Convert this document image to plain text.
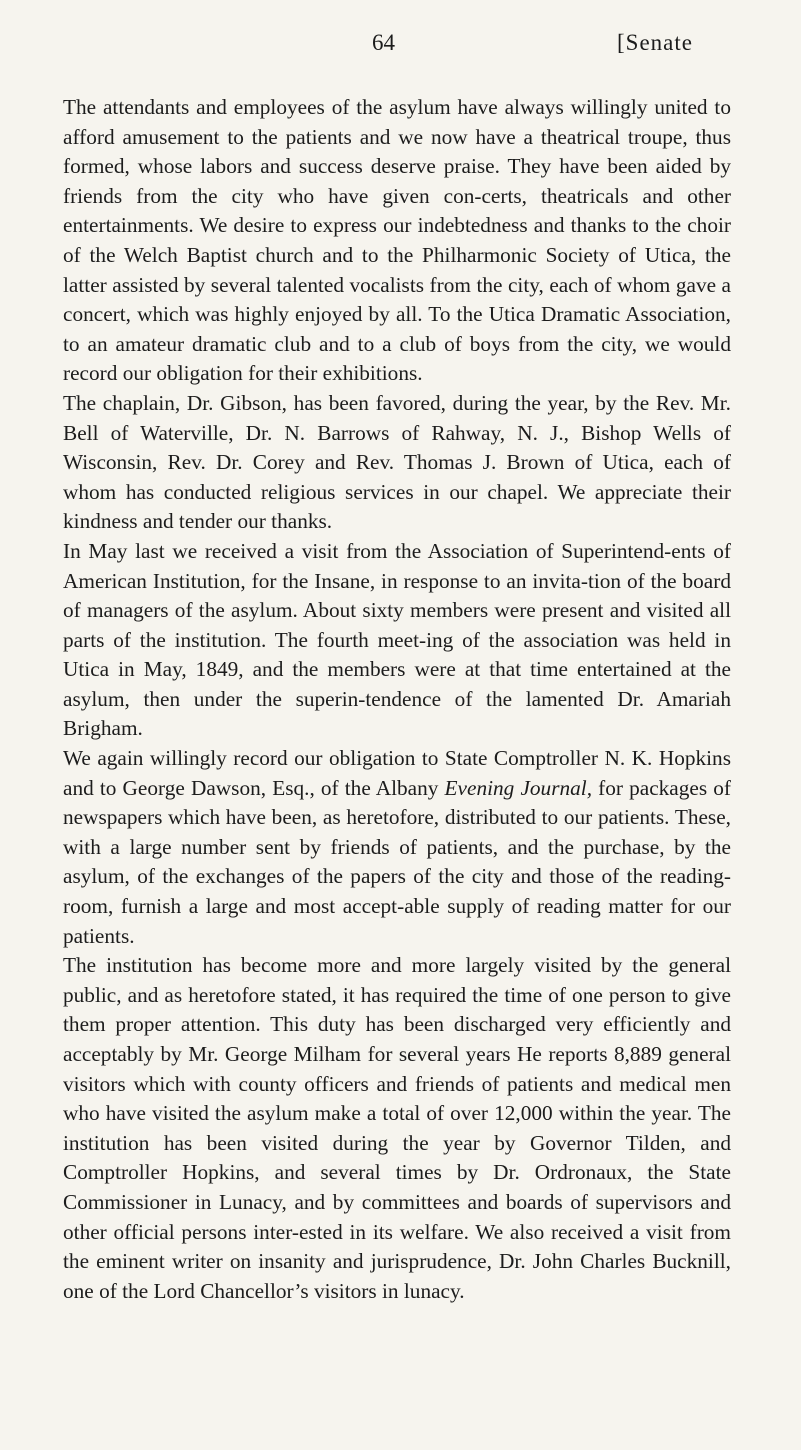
64	[Senate

The attendants and employees of the asylum have always willingly united to afford amusement to the patients and we now have a theatrical troupe, thus formed, whose labors and success deserve praise. They have been aided by friends from the city who have given con-certs, theatricals and other entertainments. We desire to express our indebtedness and thanks to the choir of the Welch Baptist church and to the Philharmonic Society of Utica, the latter assisted by several talented vocalists from the city, each of whom gave a concert, which was highly enjoyed by all. To the Utica Dramatic Association, to an amateur dramatic club and to a club of boys from the city, we would record our obligation for their exhibitions.

The chaplain, Dr. Gibson, has been favored, during the year, by the Rev. Mr. Bell of Waterville, Dr. N. Barrows of Rahway, N. J., Bishop Wells of Wisconsin, Rev. Dr. Corey and Rev. Thomas J. Brown of Utica, each of whom has conducted religious services in our chapel. We appreciate their kindness and tender our thanks.

In May last we received a visit from the Association of Superintend-ents of American Institution, for the Insane, in response to an invita-tion of the board of managers of the asylum. About sixty members were present and visited all parts of the institution. The fourth meet-ing of the association was held in Utica in May, 1849, and the members were at that time entertained at the asylum, then under the superin-tendence of the lamented Dr. Amariah Brigham.

We again willingly record our obligation to State Comptroller N. K. Hopkins and to George Dawson, Esq., of the Albany Evening Journal, for packages of newspapers which have been, as heretofore, distributed to our patients. These, with a large number sent by friends of patients, and the purchase, by the asylum, of the exchanges of the papers of the city and those of the reading-room, furnish a large and most accept-able supply of reading matter for our patients.

The institution has become more and more largely visited by the general public, and as heretofore stated, it has required the time of one person to give them proper attention. This duty has been discharged very efficiently and acceptably by Mr. George Milham for several years He reports 8,889 general visitors which with county officers and friends of patients and medical men who have visited the asylum make a total of over 12,000 within the year. The institution has been visited during the year by Governor Tilden, and Comptroller Hopkins, and several times by Dr. Ordronaux, the State Commissioner in Lunacy, and by committees and boards of supervisors and other official persons inter-ested in its welfare. We also received a visit from the eminent writer on insanity and jurisprudence, Dr. John Charles Bucknill, one of the Lord Chancellor’s visitors in lunacy.
